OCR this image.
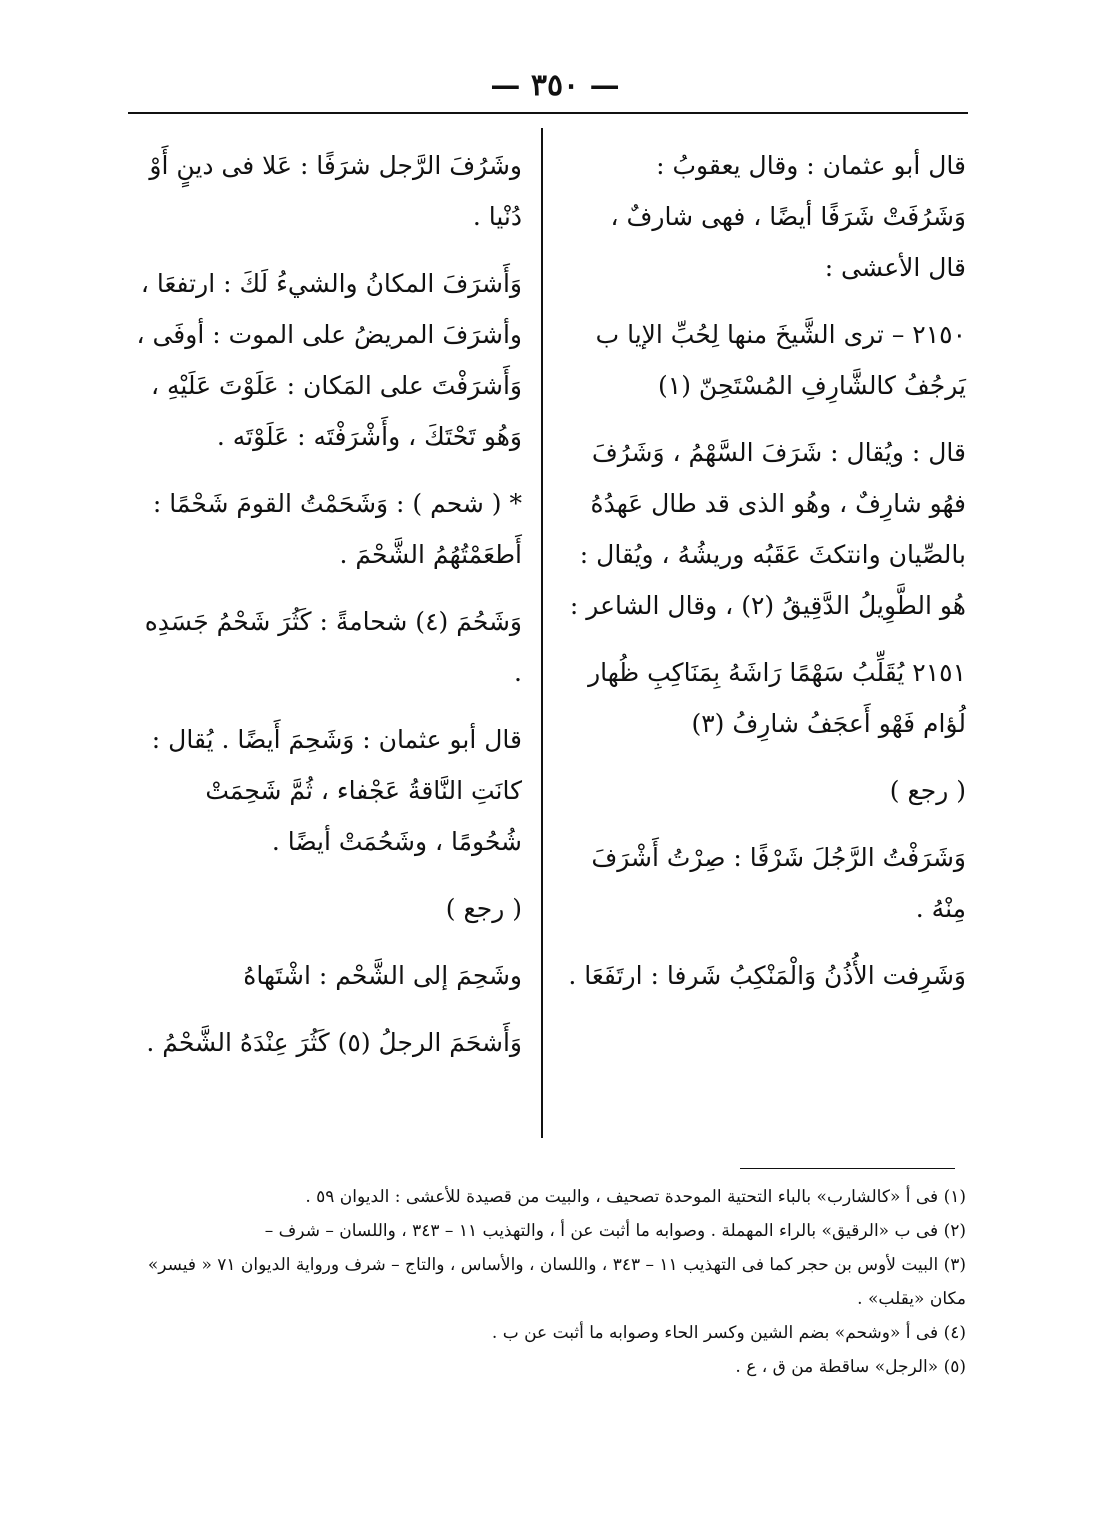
— ٣٥٠ —

قال أبو عثمان : وقال يعقوبُ : وَشَرُفَتْ شَرَفًا أيضًا ، فهى شارفٌ ، قال الأعشى :

٢١٥٠ – ترى الشَّيخَ منها لِحُبِّ الإيا ب يَرجُفُ كالشَّارِفِ المُسْتَحِنّ (١)

قال : ويُقال : شَرَفَ السَّهْمُ ، وَشَرُفَ فهُو شارِفٌ ، وهُو الذى قد طال عَهدُهُ بالصِّيان وانتكثَ عَقَبُه وريشُهُ ، ويُقال : هُو الطَّوِيلُ الدَّقِيقُ (٢) ، وقال الشاعر :

٢١٥١ يُقَلِّبُ سَهْمًا رَاشَهُ بِمَنَاكِبِ ظُهار لُؤام فَهْو أَعجَفُ شارِفُ (٣)

( رجع )

وَشَرَفْتُ الرَّجُلَ شَرْفًا : صِرْتُ أَشْرَفَ مِنْهُ .

وَشَرِفت الأُذُنُ وَالْمَنْكِبُ شَرفا : ارتَفَعَا .

وشَرُفَ الرَّجل شرَفًا : عَلا فى دينٍ أَوْ دُنْيا .

وَأَشرَفَ المكانُ والشيءُ لَكَ : ارتفعَا ، وأشرَفَ المريضُ على الموت : أوفَى ، وَأَشرَفْتَ على المَكان : عَلَوْتَ عَلَيْهِ ، وَهُو تَحْتَكَ ، وأَشْرَفْتَه : عَلَوْتَه .

* ( شحم ) : وَشَحَمْتُ القومَ شَحْمًا : أَطعَمْتُهُمُ الشَّحْمَ .

وَشَحُمَ (٤) شحامةً : كَثُرَ شَحْمُ جَسَدِه .

قال أبو عثمان : وَشَحِمَ أَيضًا . يُقال : كانَتِ النَّاقةُ عَجْفاء ، ثُمَّ شَحِمَتْ شُحُومًا ، وشَحُمَتْ أيضًا .

( رجع )

وشَحِمَ إلى الشَّحْم : اشْتَهاهُ

وَأَشحَمَ الرجلُ (٥) كَثُرَ عِنْدَهُ الشَّحْمُ .

(١) فى أ «كالشارب» بالباء التحتية الموحدة تصحيف ، والبيت من قصيدة للأعشى : الديوان ٥٩ .

(٢) فى ب «الرقيق» بالراء المهملة . وصوابه ما أثبت عن أ ، والتهذيب ١١ – ٣٤٣ ، واللسان – شرف –

(٣) البيت لأوس بن حجر كما فى التهذيب ١١ – ٣٤٣ ، واللسان ، والأساس ، والتاج – شرف ورواية الديوان ٧١ « فيسر» مكان «يقلب» .

(٤) فى أ «وشحم» بضم الشين وكسر الحاء وصوابه ما أثبت عن ب .

(٥) «الرجل» ساقطة من ق ، ع .
